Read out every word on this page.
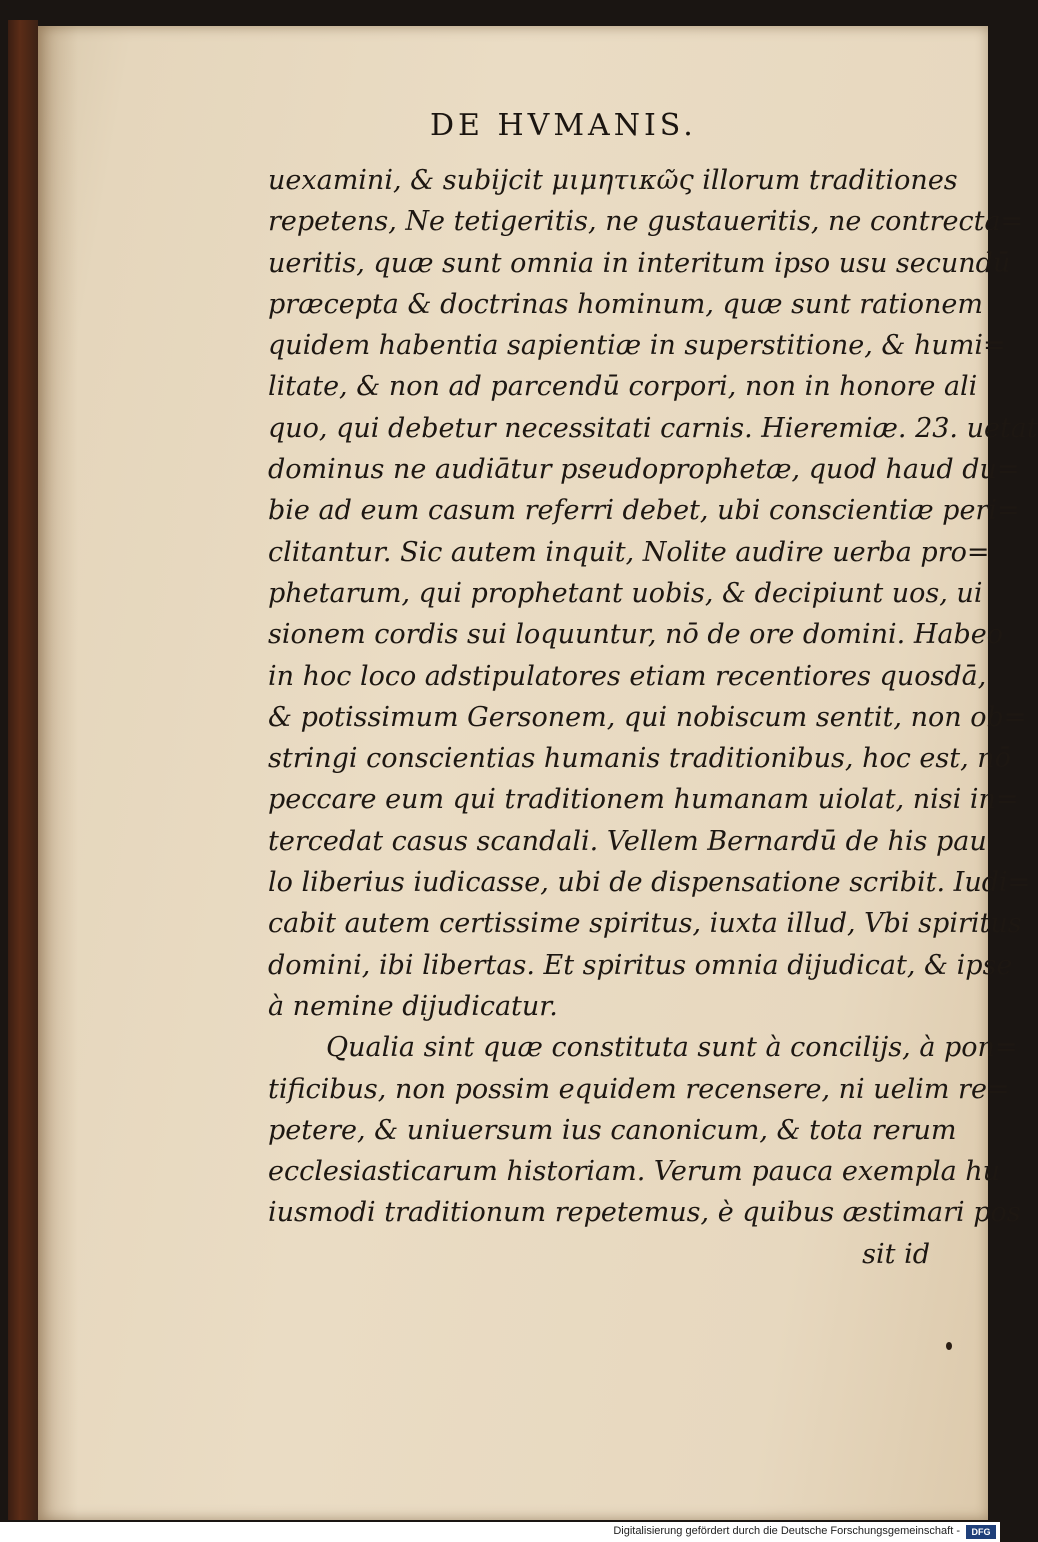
DE HVMANIS.
uexamini, & subijcit μιμητικῶς illorum traditiones
repetens, Ne tetigeritis, ne gustaueritis, ne contrecta=
ueritis, quæ sunt omnia in interitum ipso usu secundū
præcepta & doctrinas hominum, quæ sunt rationem
quidem habentia sapientiæ in superstitione, & humi=
litate, & non ad parcendū corpori, non in honore ali
quo, qui debetur necessitati carnis. Hieremiæ. 23. uetat
dominus ne audiātur pseudoprophetæ, quod haud du=
bie ad eum casum referri debet, ubi conscientiæ peri=
clitantur. Sic autem inquit, Nolite audire uerba pro=
phetarum, qui prophetant uobis, & decipiunt uos, ui
sionem cordis sui loquuntur, nō de ore domini. Habeo
in hoc loco adstipulatores etiam recentiores quosdā,
& potissimum Gersonem, qui nobiscum sentit, non ob=
stringi conscientias humanis traditionibus, hoc est, nō
peccare eum qui traditionem humanam uiolat, nisi in=
tercedat casus scandali. Vellem Bernardū de his pau
lo liberius iudicasse, ubi de dispensatione scribit. Iudi=
cabit autem certissime spiritus, iuxta illud, Vbi spiritus
domini, ibi libertas. Et spiritus omnia dijudicat, & ipse
à nemine dijudicatur.
Qualia sint quæ constituta sunt à concilijs, à pon=
tificibus, non possim equidem recensere, ni uelim re=
petere, & uniuersum ius canonicum, & tota rerum
ecclesiasticarum historiam. Verum pauca exempla hu
iusmodi traditionum repetemus, è quibus æstimari pos
sit id
Digitalisierung gefördert durch die Deutsche Forschungsgemeinschaft -	DFG
